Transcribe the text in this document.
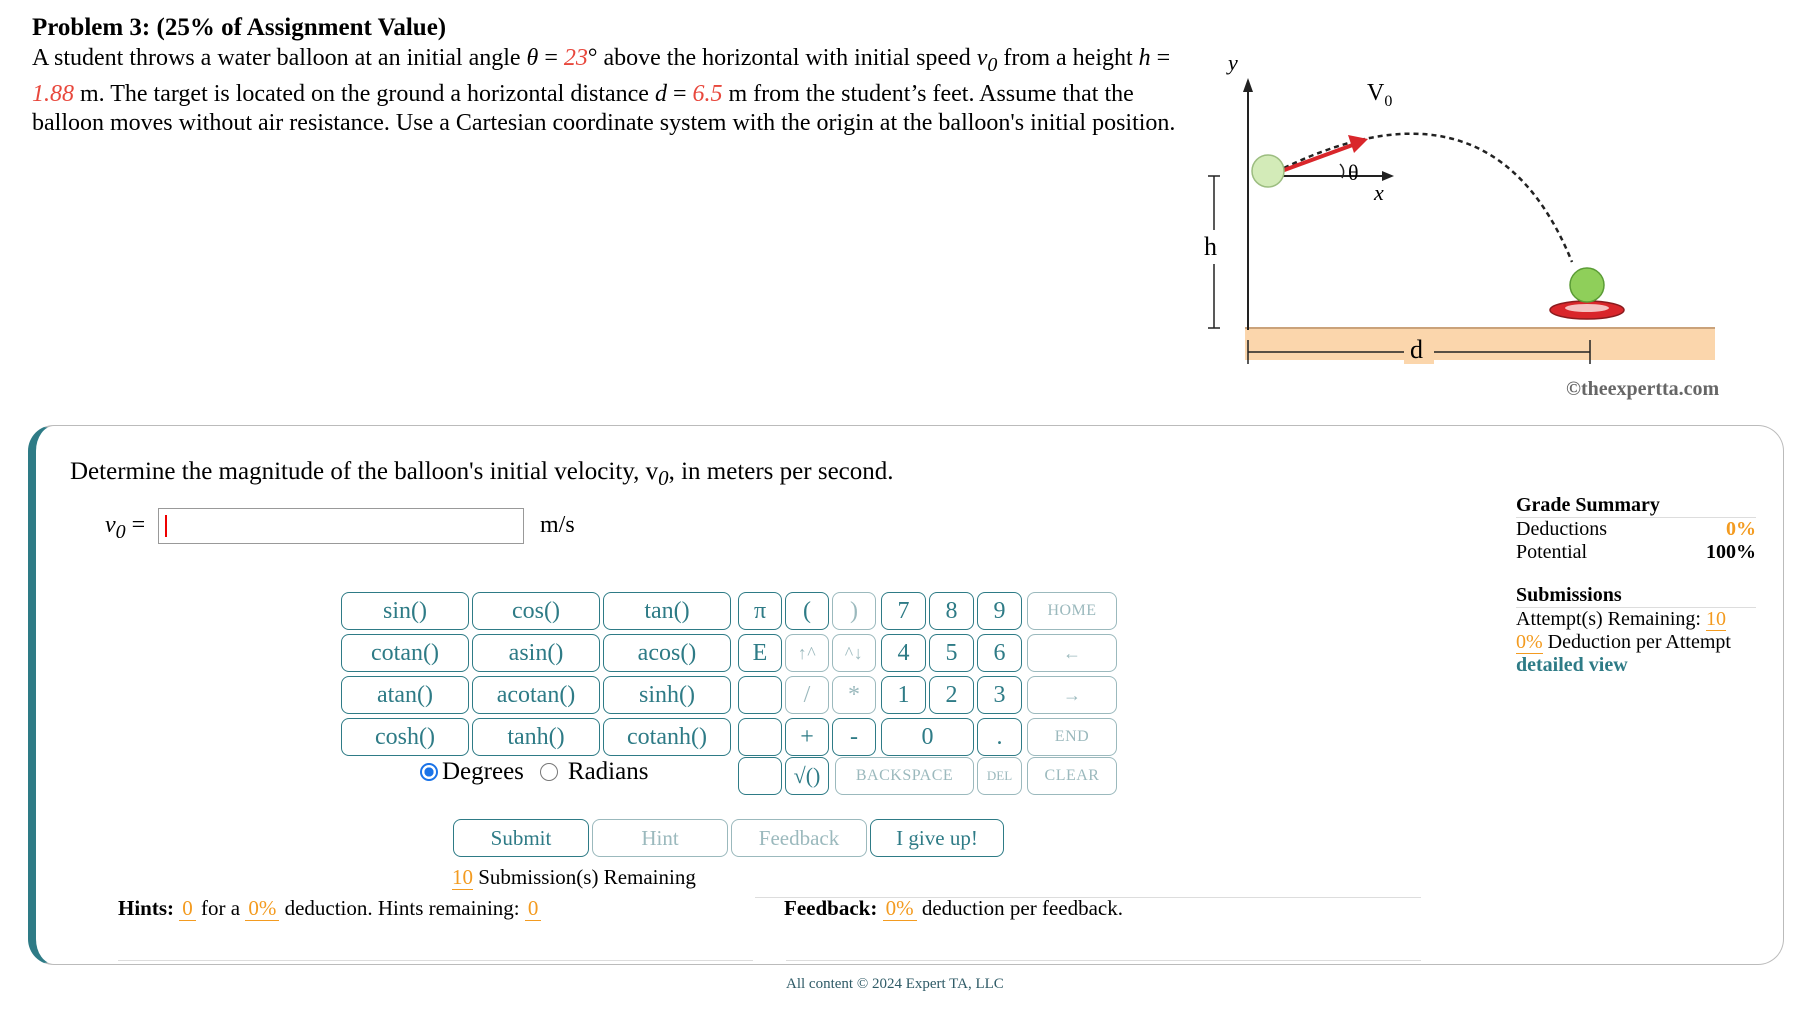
Problem 3: (25% of Assignment Value)
A student throws a water balloon at an initial angle θ = 23° above the horizontal with initial speed $v_0$ from a height h = 1.88 m. The target is located on the ground a horizontal distance d = 6.5 m from the student’s feet. Assume that the balloon moves without air resistance. Use a Cartesian coordinate system with the origin at the balloon's initial position.
y
x
$V_0$
θ
h
d
©theexpertta.com
Determine the magnitude of the balloon's initial velocity, $v_0$, in meters per second.
$v_0$ =	m/s
sin()	cos()	tan()
cotan()	asin()	acos()
atan()	acotan()	sinh()
cosh()	tanh()	cotanh()
π	(	)
E	↑^	^↓
/	*
+	-
√()
7	8	9
4	5	6
1	2	3
0	.
BACKSPACE	DEL
HOME
←
→
END
CLEAR
Degrees Radians
Submit	Hint	Feedback	I give up!
10 Submission(s) Remaining
Hints: 0 for a 0% deduction. Hints remaining: 0	Feedback: 0% deduction per feedback.
Grade Summary
Deductions	0%
Potential	100%
Submissions
Attempt(s) Remaining: 10
0% Deduction per Attempt
detailed view
All content © 2024 Expert TA, LLC
